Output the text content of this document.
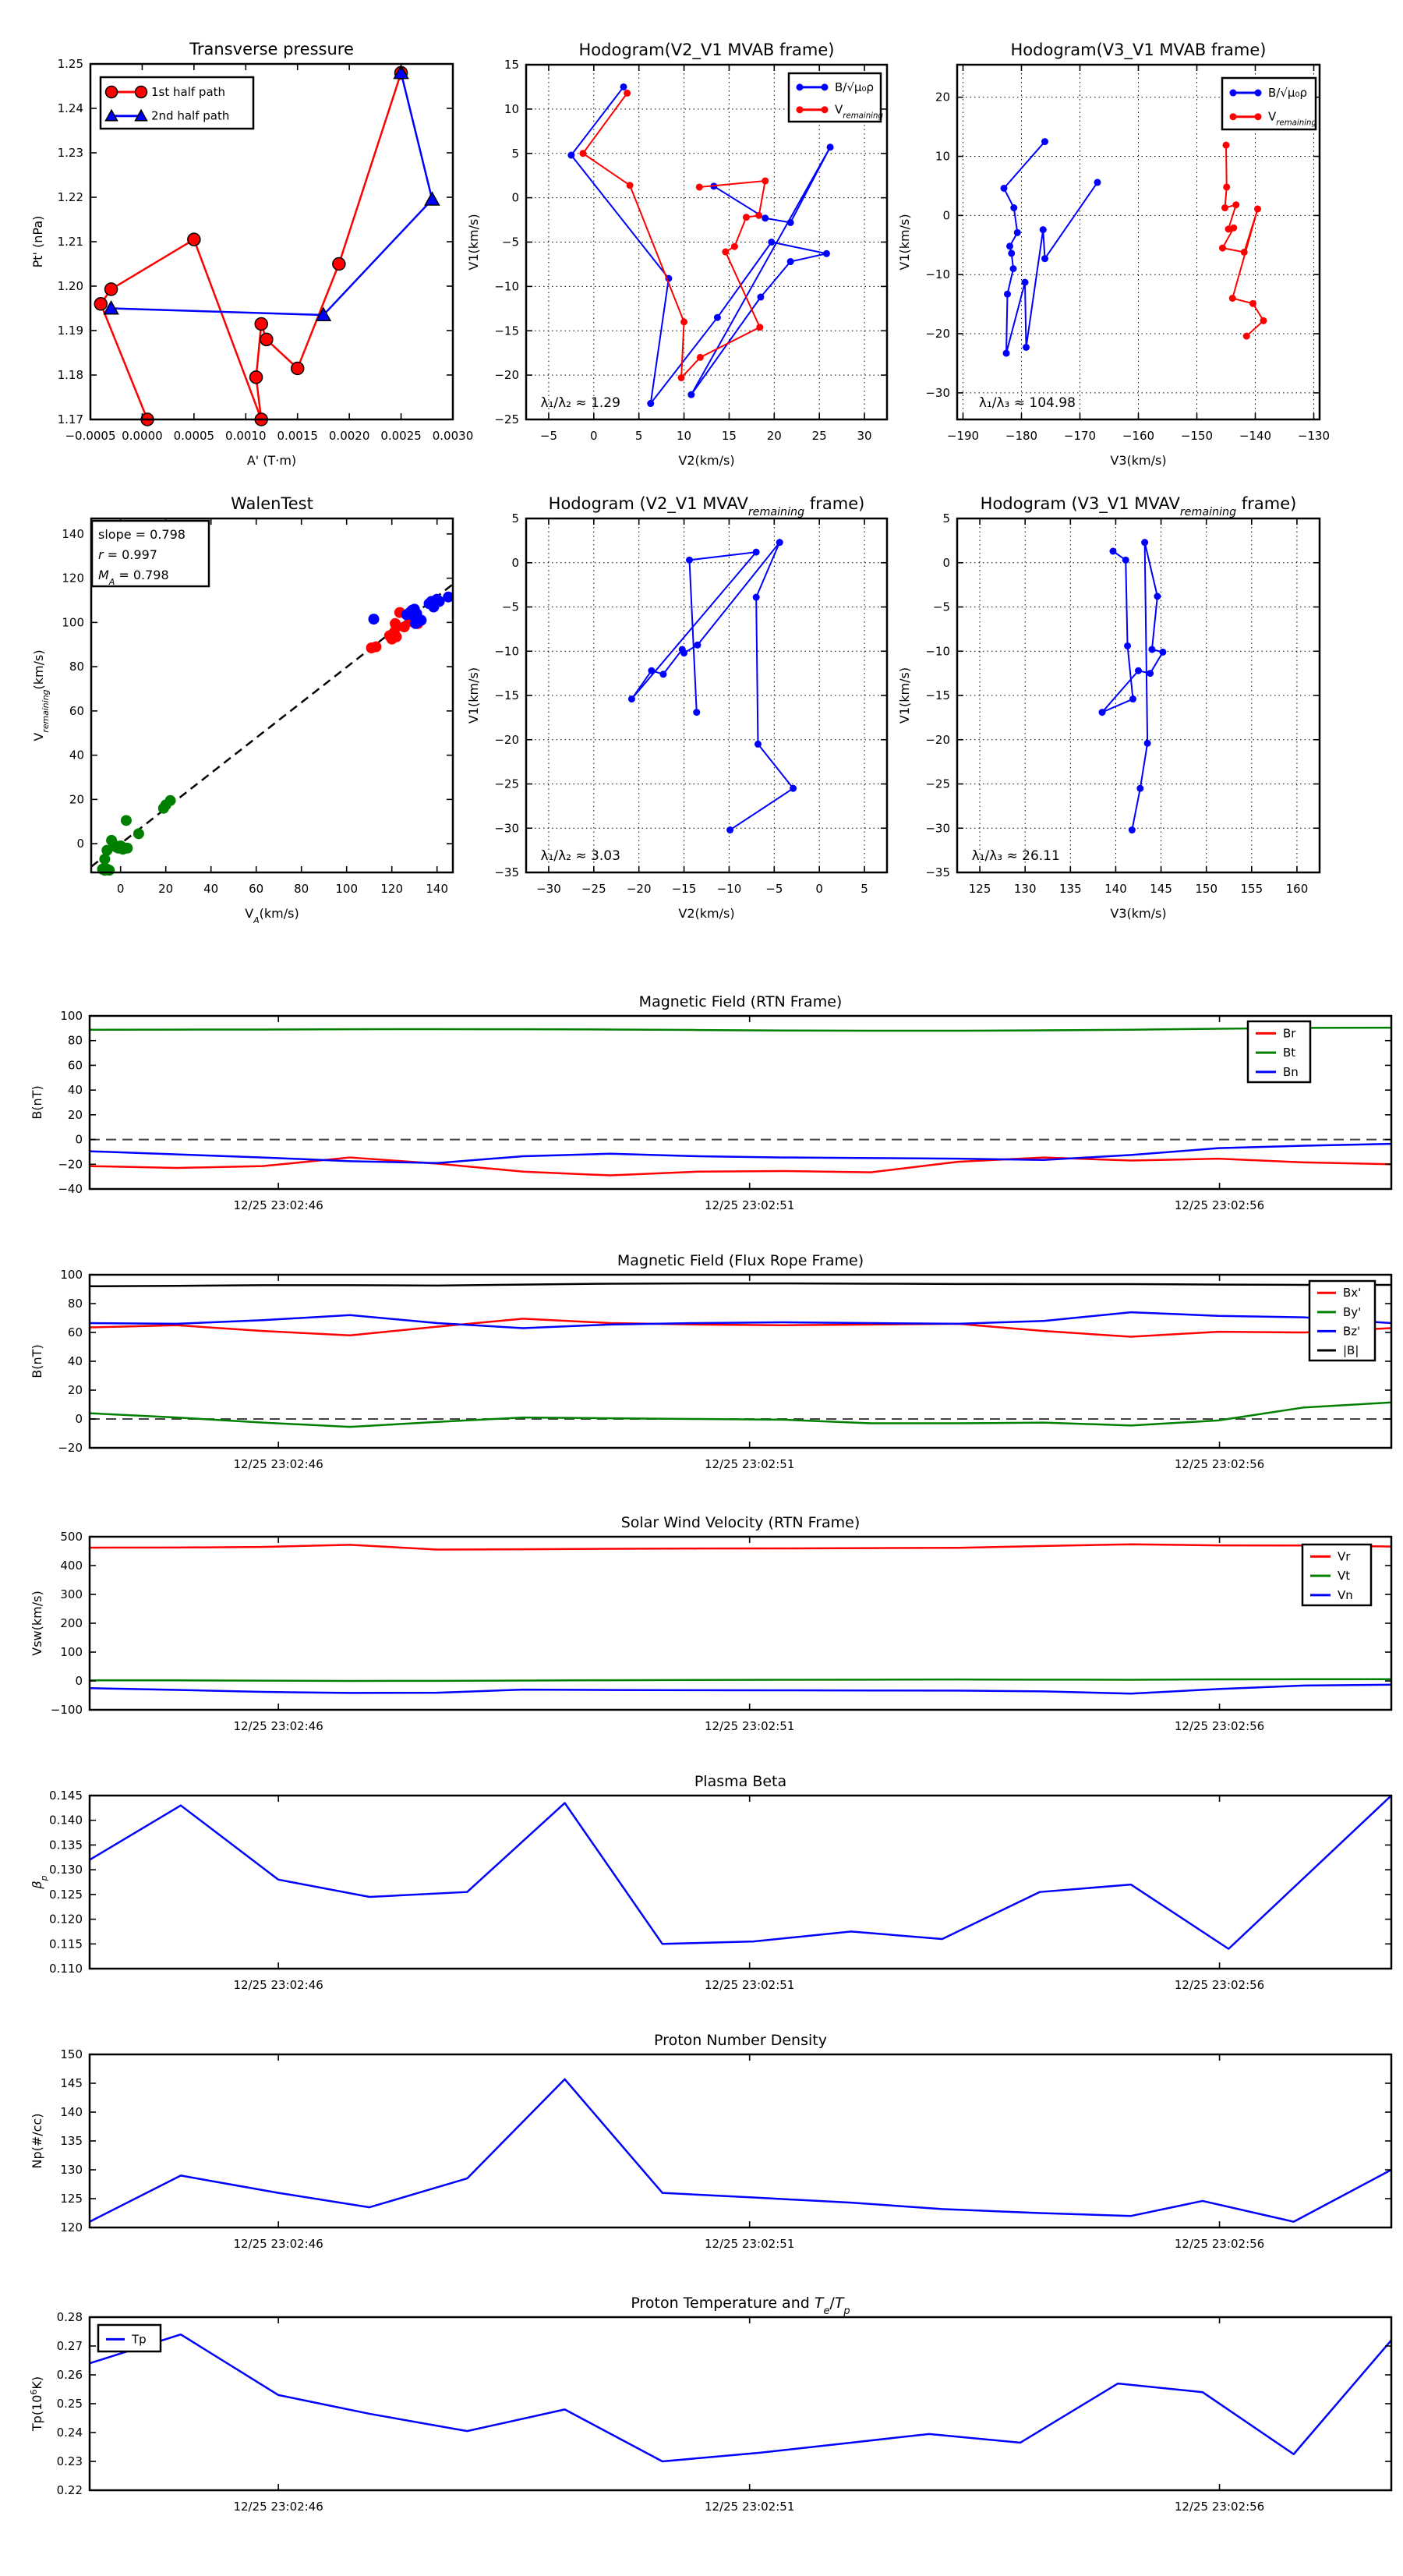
−0.0005 0.0000 0.0005 0.0010 0.0015 0.0020 0.0025 0.0030
1.17
1.18
1.19
1.20
1.21
1.22
1.23
1.24
1.25
Transverse pressure
A' (T·m)
Pt' (nPa)
1st half path
2nd half path
−5	0	5	10	15	20	25	30
−25
−20
−15
−10
−5
0
5
10
15
Hodogram(V2_V1 MVAB frame)
V2(km/s)
V1(km/s)
λ₁/λ₂ ≈ 1.29
B/√μ₀ρ
$V_{remaining}$
−190 −180 −170 −160 −150 −140 −130
−30
−20
−10
0
10
20
Hodogram(V3_V1 MVAB frame)
V3(km/s)
V1(km/s)
λ₁/λ₃ ≈ 104.98
B/√μ₀ρ
$V_{remaining}$
0	20	40	60	80 100 120 140
0
20
40
60
80
100
120
140
WalenTest
$V_A(km/s)$
$V_{remaining}(km/s)$
slope = 0.798
r = 0.997
$M_A = 0.798$
−30 −25 −20 −15 −10 −5	0	5
−35
−30
−25
−20
−15
−10
−5
0
5
Hodogram (V2_V1 $MVAV_{remaining}$ frame)
V2(km/s)
V1(km/s)
λ₁/λ₂ ≈ 3.03
125 130 135 140 145 150 155 160
−35
−30
−25
−20
−15
−10
−5
0
5
Hodogram (V3_V1 $MVAV_{remaining}$ frame)
V3(km/s)
V1(km/s)
λ₁/λ₃ ≈ 26.11
12/25 23:02:46	12/25 23:02:51	12/25 23:02:56
−40
−20
0
20
40
60
80
100
Magnetic Field (RTN Frame)
B(nT)
Br
Bt
Bn
12/25 23:02:46	12/25 23:02:51	12/25 23:02:56
−20
0
20
40
60
80
100
Magnetic Field (Flux Rope Frame)
B(nT)
Bx'
By'
Bz'
|B|
12/25 23:02:46	12/25 23:02:51	12/25 23:02:56
−100
0
100
200
300
400
500
Solar Wind Velocity (RTN Frame)
Vsw(km/s)
Vr
Vt
Vn
12/25 23:02:46	12/25 23:02:51	12/25 23:02:56
0.110
0.115
0.120
0.125
0.130
0.135
0.140
0.145
Plasma Beta
$\beta_p$
12/25 23:02:46	12/25 23:02:51	12/25 23:02:56
120
125
130
135
140
145
150
Proton Number Density
Np(#/cc)
12/25 23:02:46	12/25 23:02:51	12/25 23:02:56
0.22
0.23
0.24
0.25
0.26
0.27
0.28
Proton Temperature and $T_e/T_p$
$Tp(10^6K)$
Tp
